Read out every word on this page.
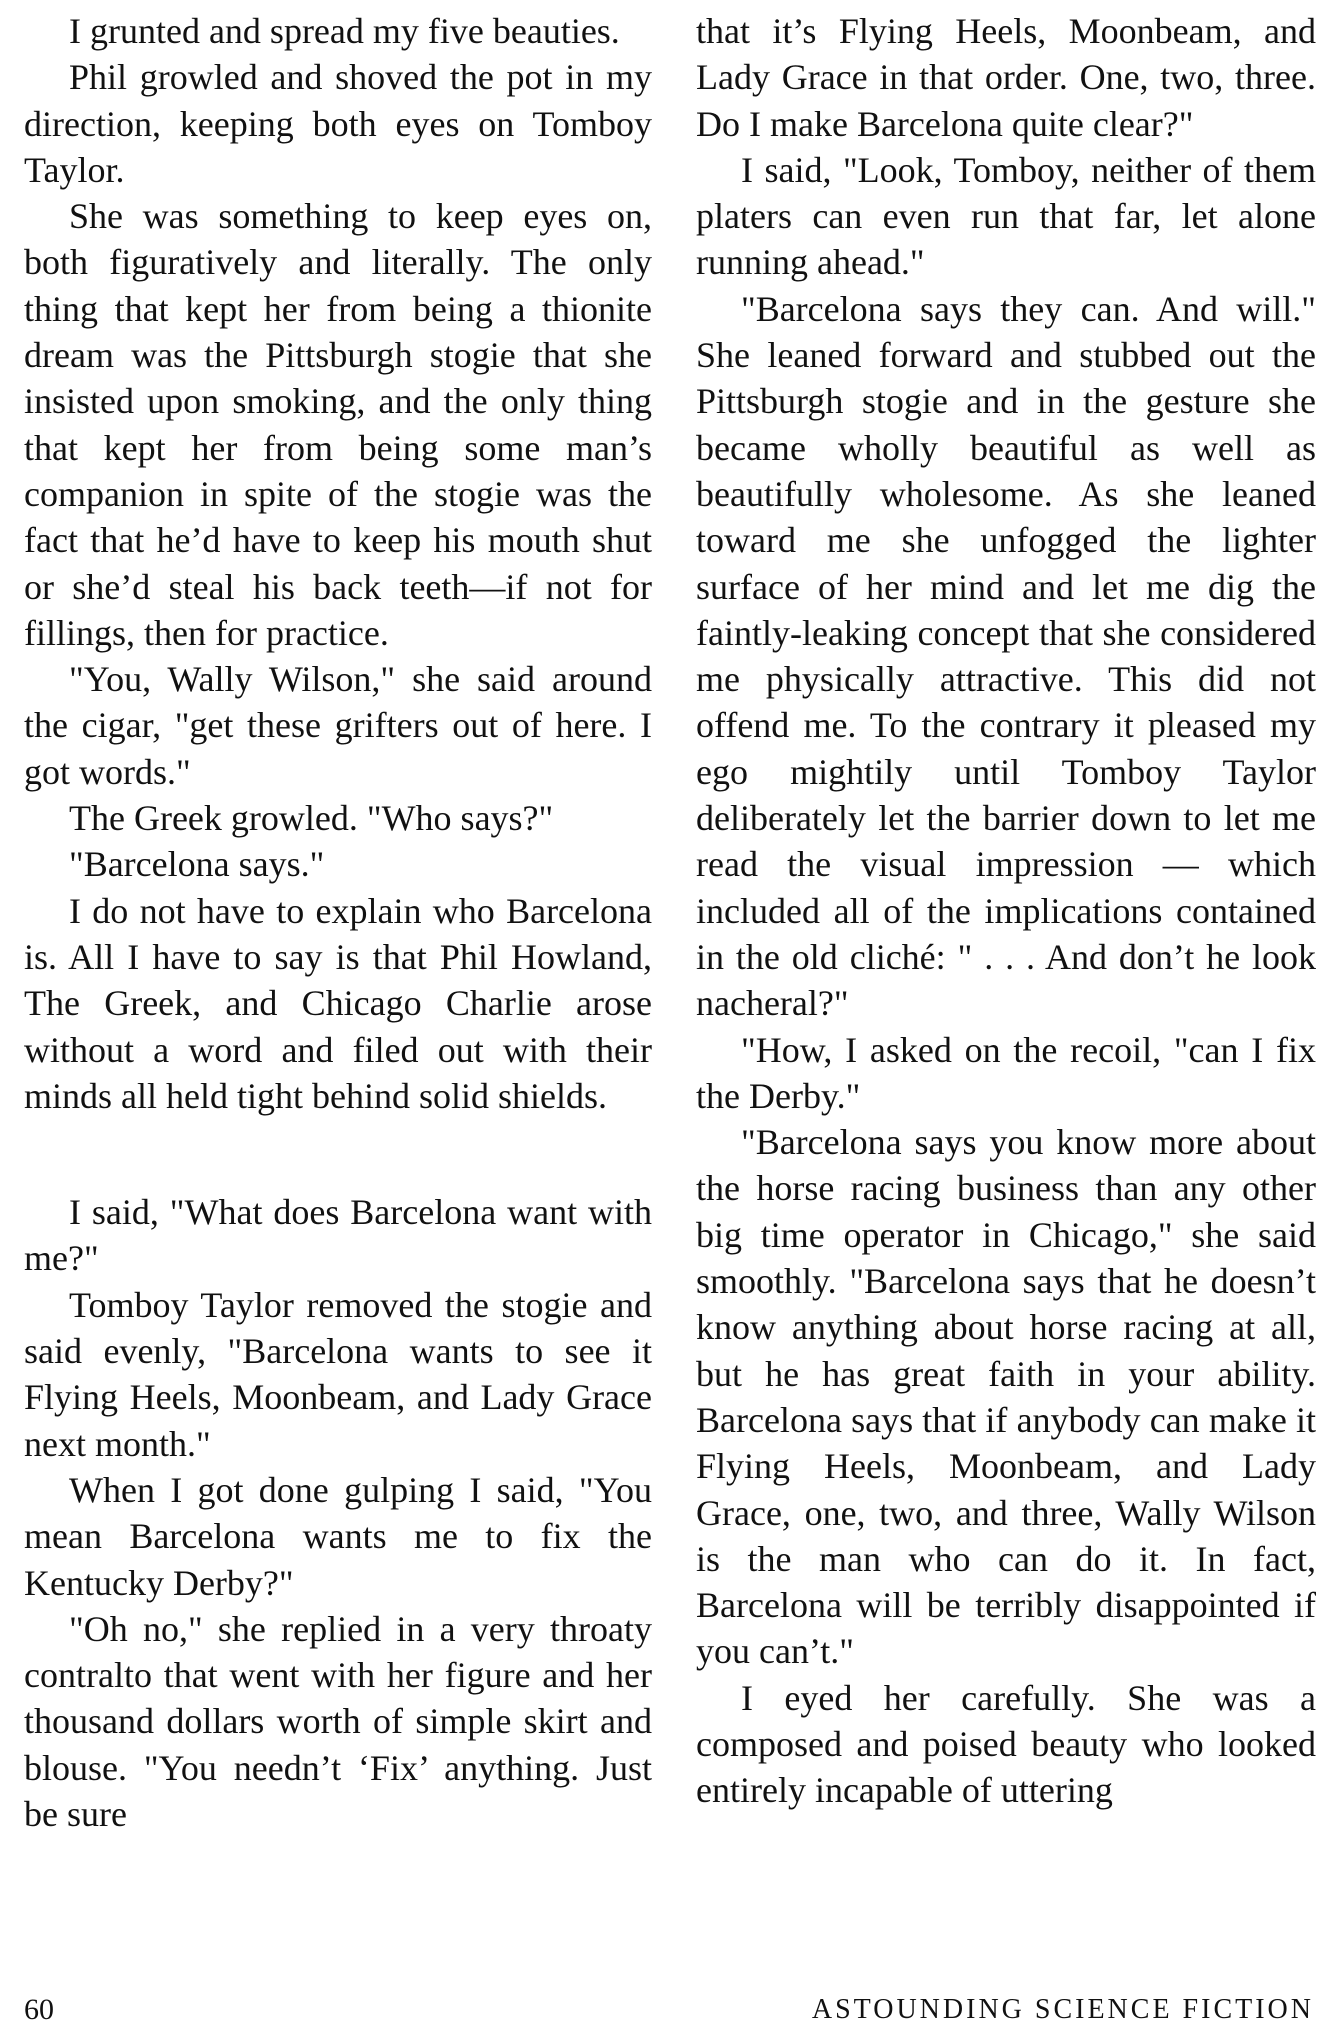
I grunted and spread my five beauties.

Phil growled and shoved the pot in my direction, keeping both eyes on Tomboy Taylor.

She was something to keep eyes on, both figuratively and literally. The only thing that kept her from being a thionite dream was the Pittsburgh stogie that she insisted upon smoking, and the only thing that kept her from being some man’s companion in spite of the stogie was the fact that he’d have to keep his mouth shut or she’d steal his back teeth—if not for fillings, then for practice.

"You, Wally Wilson," she said around the cigar, "get these grifters out of here. I got words."

The Greek growled. "Who says?"

"Barcelona says."

I do not have to explain who Barcelona is. All I have to say is that Phil Howland, The Greek, and Chicago Charlie arose without a word and filed out with their minds all held tight behind solid shields.

I said, "What does Barcelona want with me?"

Tomboy Taylor removed the stogie and said evenly, "Barcelona wants to see it Flying Heels, Moonbeam, and Lady Grace next month."

When I got done gulping I said, "You mean Barcelona wants me to fix the Kentucky Derby?"

"Oh no," she replied in a very throaty contralto that went with her figure and her thousand dollars worth of simple skirt and blouse. "You needn’t ‘Fix’ anything. Just be sure

that it’s Flying Heels, Moonbeam, and Lady Grace in that order. One, two, three. Do I make Barcelona quite clear?"

I said, "Look, Tomboy, neither of them platers can even run that far, let alone running ahead."

"Barcelona says they can. And will." She leaned forward and stubbed out the Pittsburgh stogie and in the gesture she became wholly beautiful as well as beautifully wholesome. As she leaned toward me she unfogged the lighter surface of her mind and let me dig the faintly-leaking concept that she considered me physically attractive. This did not offend me. To the contrary it pleased my ego mightily until Tomboy Taylor deliberately let the barrier down to let me read the visual impression — which included all of the implications contained in the old cliché: " . . . And don’t he look nacheral?"

"How, I asked on the recoil, "can I fix the Derby."

"Barcelona says you know more about the horse racing business than any other big time operator in Chicago," she said smoothly. "Barcelona says that he doesn’t know anything about horse racing at all, but he has great faith in your ability. Barcelona says that if anybody can make it Flying Heels, Moonbeam, and Lady Grace, one, two, and three, Wally Wilson is the man who can do it. In fact, Barcelona will be terribly disappointed if you can’t."

I eyed her carefully. She was a composed and poised beauty who looked entirely incapable of uttering

60	ASTOUNDING SCIENCE FICTION
